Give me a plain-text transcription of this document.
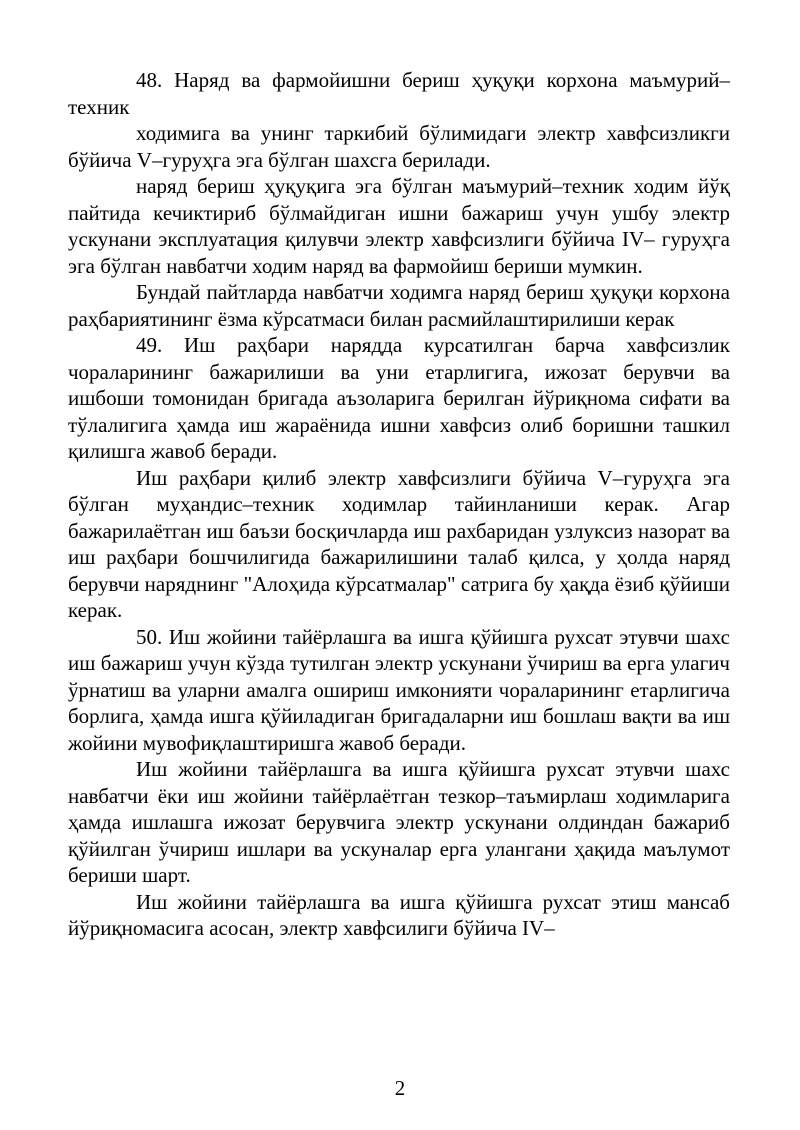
48. Наряд ва фармойишни бериш ҳуқуқи корхона маъмурий–техник

ходимига ва унинг таркибий бўлимидаги электр хавфсизликги бўйича V–гуруҳга эга бўлган шахсга берилади.

наряд бериш ҳуқуқига эга бўлган маъмурий–техник ходим йўқ пайтида кечиктириб бўлмайдиган ишни бажариш учун ушбу электр ускунани эксплуатация қилувчи электр хавфсизлиги бўйича IV– гуруҳга эга бўлган навбатчи ходим наряд ва фармойиш бериши мумкин.

Бундай пайтларда навбатчи ходимга наряд бериш ҳуқуқи корхона раҳбариятининг ёзма кўрсатмаси билан расмийлаштирилиши керак

49. Иш раҳбари нарядда курсатилган барча хавфсизлик чораларининг бажарилиши ва уни етарлигига, ижозат берувчи ва ишбоши томонидан бригада аъзоларига берилган йўриқнома сифати ва тўлалигига ҳамда иш жараёнида ишни хавфсиз олиб боришни ташкил қилишга жавоб беради.

Иш раҳбари қилиб электр хавфсизлиги бўйича V–гуруҳга эга бўлган муҳандис–техник ходимлар тайинланиши керак. Агар бажарилаётган иш баъзи босқичларда иш рахбаридан узлуксиз назорат ва иш раҳбари бошчилигида бажарилишини талаб қилса, у ҳолда наряд берувчи наряднинг "Алоҳида кўрсатмалар" сатрига бу ҳақда ёзиб қўйиши керак.

50. Иш жойини тайёрлашга ва ишга қўйишга рухсат этувчи шахс иш бажариш учун кўзда тутилган электр ускунани ўчириш ва ерга улагич ўрнатиш ва уларни амалга ошириш имконияти чораларининг етарлигича борлига, ҳамда ишга қўйиладиган бригадаларни иш бошлаш вақти ва иш жойини мувофиқлаштиришга жавоб беради.

Иш жойини тайёрлашга ва ишга қўйишга рухсат этувчи шахс навбатчи ёки иш жойини тайёрлаётган тезкор–таъмирлаш ходимларига ҳамда ишлашга ижозат берувчига электр ускунани олдиндан бажариб қўйилган ўчириш ишлари ва ускуналар ерга улангани ҳақида маълумот бериши шарт.

Иш жойини тайёрлашга ва ишга қўйишга рухсат этиш мансаб йўриқномасига асосан, электр хавфсилиги бўйича IV–

2
